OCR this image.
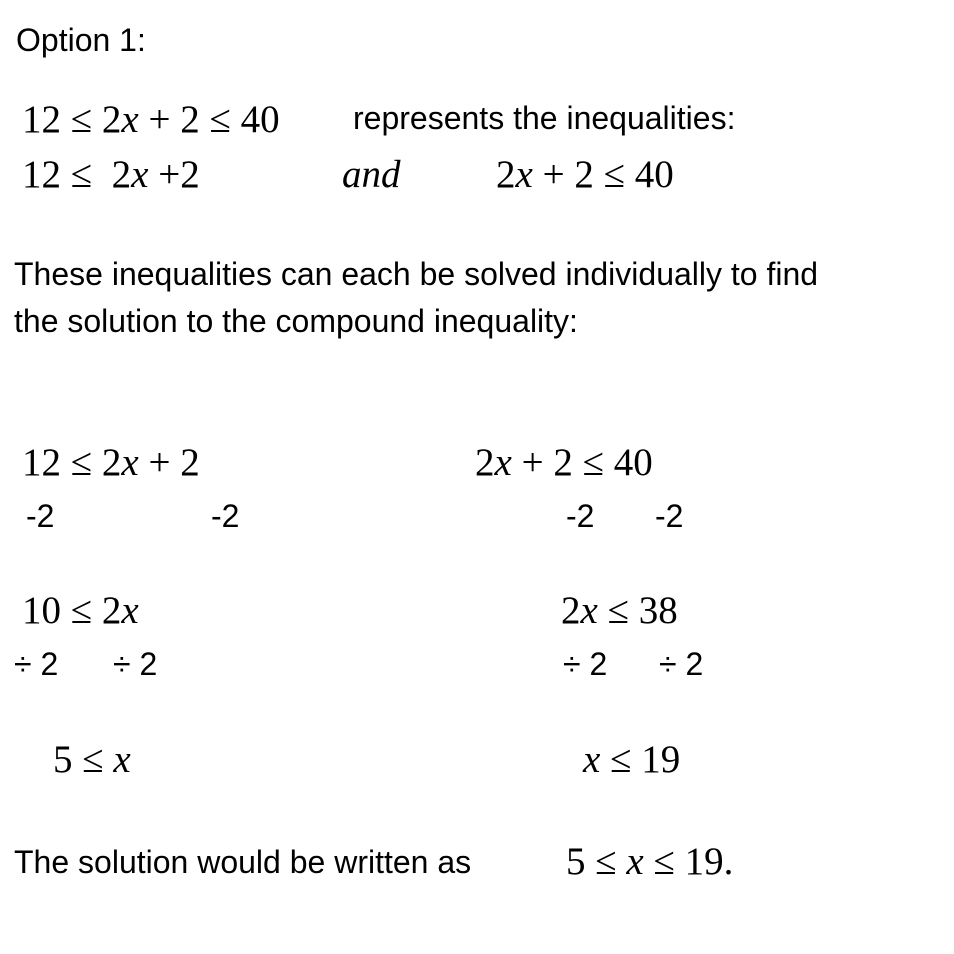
Option 1:
12 ≤ 2x + 2 ≤ 40 represents the inequalities:
12 ≤ 2x +2	and 2x + 2 ≤ 40
These inequalities can each be solved individually to find
the solution to the compound inequality:
12 ≤ 2x + 2
-2	-2
10 ≤ 2x
÷ 2 ÷ 2
5 ≤ x
2x + 2 ≤ 40
-2 -2
2x ≤ 38
÷ 2 ÷ 2
x ≤ 19
The solution would be written as 5 ≤ x ≤ 19.
